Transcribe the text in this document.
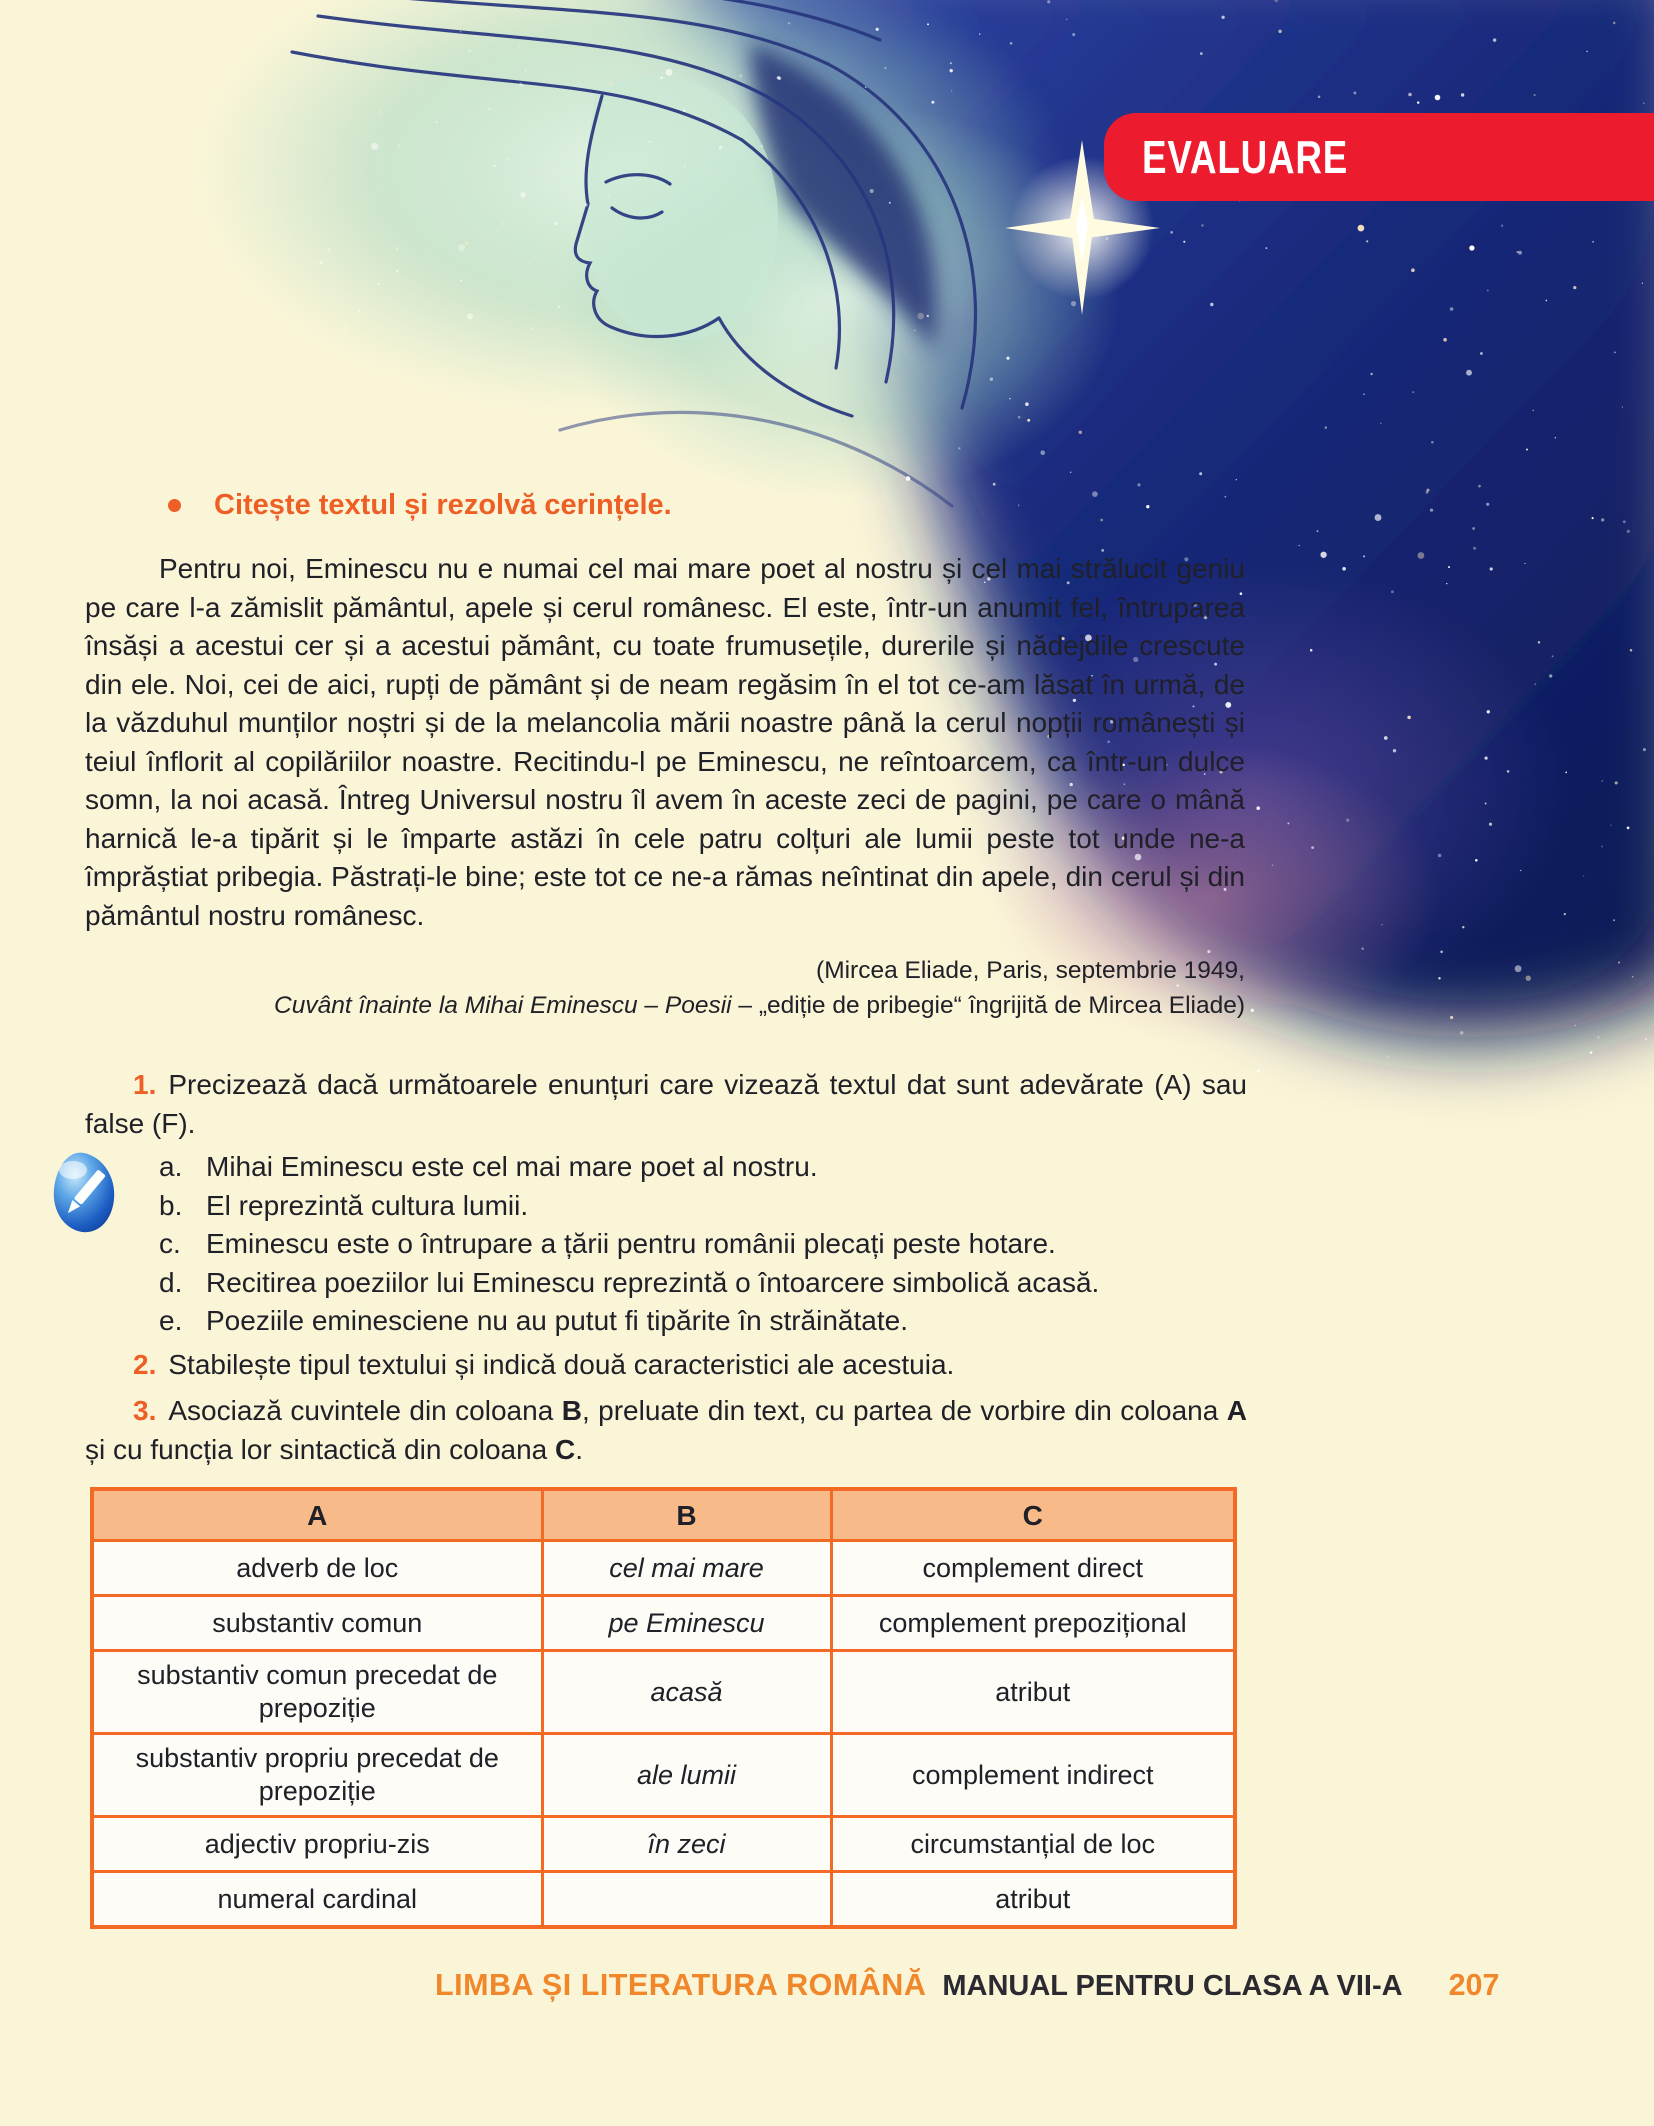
EVALUARE
Citește textul și rezolvă cerințele.

Pentru noi, Eminescu nu e numai cel mai mare poet al nostru și cel mai strălucit geniu pe care l-a zămislit pământul, apele și cerul românesc. El este, într-un anumit fel, întruparea însăși a acestui cer și a acestui pământ, cu toate frumusețile, durerile și nădejdile crescute din ele. Noi, cei de aici, rupți de pământ și de neam regăsim în el tot ce-am lăsat în urmă, de la văzduhul munților noștri și de la melancolia mării noastre până la cerul nopții românești și teiul înflorit al copilăriilor noastre. Recitindu-l pe Eminescu, ne reîntoarcem, ca într-un dulce somn, la noi acasă. Întreg Universul nostru îl avem în aceste zeci de pagini, pe care o mână harnică le-a tipărit și le împarte astăzi în cele patru colțuri ale lumii peste tot unde ne-a împrăștiat pribegia. Păstrați-le bine; este tot ce ne-a rămas neîntinat din apele, din cerul și din pământul nostru românesc.

(Mircea Eliade, Paris, septembrie 1949,
Cuvânt înainte la Mihai Eminescu – Poesii – „ediție de pribegie“ îngrijită de Mircea Eliade)

1. Precizează dacă următoarele enunțuri care vizează textul dat sunt adevărate (A) sau false (F).

a. Mihai Eminescu este cel mai mare poet al nostru.
b. El reprezintă cultura lumii.
c. Eminescu este o întrupare a țării pentru românii plecați peste hotare.
d. Recitirea poeziilor lui Eminescu reprezintă o întoarcere simbolică acasă.
e. Poeziile eminesciene nu au putut fi tipărite în străinătate.

2. Stabilește tipul textului și indică două caracteristici ale acestuia.

3. Asociază cuvintele din coloana B, preluate din text, cu partea de vorbire din coloana A și cu funcția lor sintactică din coloana C.

A	B	C
adverb de loc	cel mai mare	complement direct
substantiv comun	pe Eminescu	complement prepozițional
substantiv comun precedat de prepoziție	acasă	atribut
substantiv propriu precedat de prepoziție	ale lumii	complement indirect
adjectiv propriu-zis	în zeci	circumstanțial de loc
numeral cardinal		atribut
LIMBA ȘI LITERATURA ROMÂNĂ MANUAL PENTRU CLASA A VII-A 207
